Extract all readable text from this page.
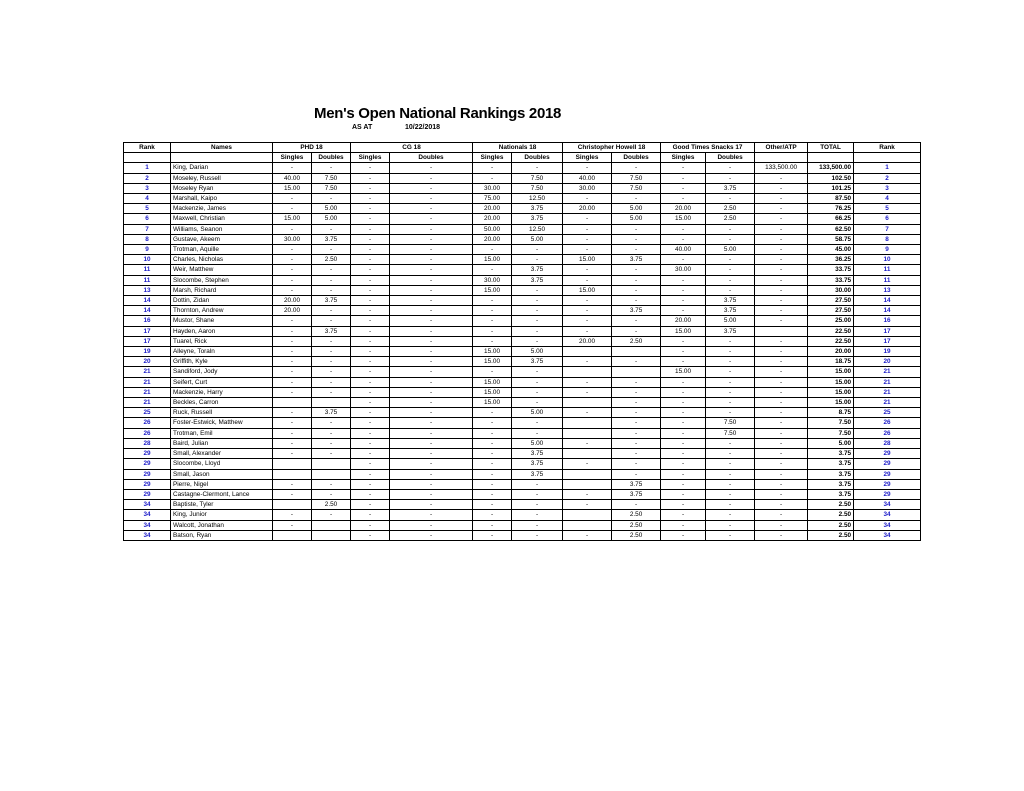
Men's Open National Rankings 2018
AS AT	10/22/2018
Rank	Names	PHD 18		CG 18		Nationals 18		Christopher Howell 18		Good Times Snacks 17		Other/ATP	TOTAL	Rank
		Singles	Doubles	Singles	Doubles	Singles	Doubles	Singles	Doubles	Singles	Doubles			
1	King, Darian	-	-	-	-	-	-	-	-	-	-	133,500.00	133,500.00	1
2	Moseley, Russell	40.00	7.50	-	-	-	7.50	40.00	7.50	-	-	-	102.50	2
3	Moseley Ryan	15.00	7.50	-	-	30.00	7.50	30.00	7.50	-	3.75	-	101.25	3
4	Marshall, Kaipo	-	-	-	-	75.00	12.50	-	-	-	-	-	87.50	4
5	Mackenzie, James	-	5.00	-	-	20.00	3.75	20.00	5.00	20.00	2.50	-	76.25	5
6	Maxwell, Christian	15.00	5.00	-	-	20.00	3.75	-	5.00	15.00	2.50	-	66.25	6
7	Williams, Seanon	-	-	-	-	50.00	12.50	-	-	-	-	-	62.50	7
8	Gustave, Akeem	30.00	3.75	-	-	20.00	5.00	-	-	-	-	-	58.75	8
9	Trotman, Aquille	-	-	-	-	-	-	-	-	40.00	5.00	-	45.00	9
10	Charles, Nicholas	-	2.50	-	-	15.00	-	15.00	3.75	-	-	-	36.25	10
11	Weir, Matthew	-	-	-	-	-	3.75	-	-	30.00	-	-	33.75	11
11	Slocombe, Stephen	-	-	-	-	30.00	3.75	-	-	-	-	-	33.75	11
13	Marsh, Richard	-	-	-	-	15.00	-	15.00	-	-	-	-	30.00	13
14	Dottin, Zidan	20.00	3.75	-	-	-	-	-	-	-	3.75	-	27.50	14
14	Thornton, Andrew	20.00	-	-	-	-	-	-	3.75	-	3.75	-	27.50	14
16	Mustor, Shane	-	-	-	-	-	-	-	-	20.00	5.00	-	25.00	16
17	Hayden, Aaron	-	3.75	-	-	-	-	-	-	15.00	3.75		22.50	17
17	Tuarel, Rick	-	-	-	-	-	-	20.00	2.50	-	-	-	22.50	17
19	Alleyne, Toraln	-	-	-	-	15.00	5.00			-	-	-	20.00	19
20	Griffith, Kyle	-	-	-	-	15.00	3.75	-	-	-	-	-	18.75	20
21	Sandiford, Jody	-	-	-	-	-	-			15.00	-	-	15.00	21
21	Seifert, Curt	-	-	-	-	15.00	-	-	-	-	-	-	15.00	21
21	Mackenzie, Harry	-	-	-	-	15.00	-	-	-	-	-	-	15.00	21
21	Beckles, Carron			-	-	15.00	-		-	-	-	-	15.00	21
25	Ruck, Russell	-	3.75	-	-	-	5.00	-	-	-	-	-	8.75	25
26	Foster-Estwick, Matthew	-	-	-	-	-	-		-	-	7.50	-	7.50	26
26	Trotman, Emil	-	-	-	-	-	-		-	-	7.50	-	7.50	26
28	Baird, Julian	-	-	-	-	-	5.00	-	-	-	-	-	5.00	28
29	Small, Alexander	-	-	-	-	-	3.75		-	-	-	-	3.75	29
29	Slocombe, Lloyd			-	-	-	3.75	-	-	-	-	-	3.75	29
29	Small, Jason			-	-	-	3.75		-	-	-	-	3.75	29
29	Pierre, Nigel	-	-	-	-	-	-		3.75	-	-	-	3.75	29
29	Castagne-Clermont, Lance	-	-	-	-	-	-	-	3.75	-	-	-	3.75	29
34	Baptiste, Tyler		2.50	-	-	-	-	-	-	-	-	-	2.50	34
34	King, Junior	-	-	-	-	-	-		2.50	-	-	-	2.50	34
34	Walcott, Jonathan	-		-	-	-	-		2.50	-	-	-	2.50	34
34	Batson, Ryan			-	-	-	-	-	2.50	-	-	-	2.50	34
